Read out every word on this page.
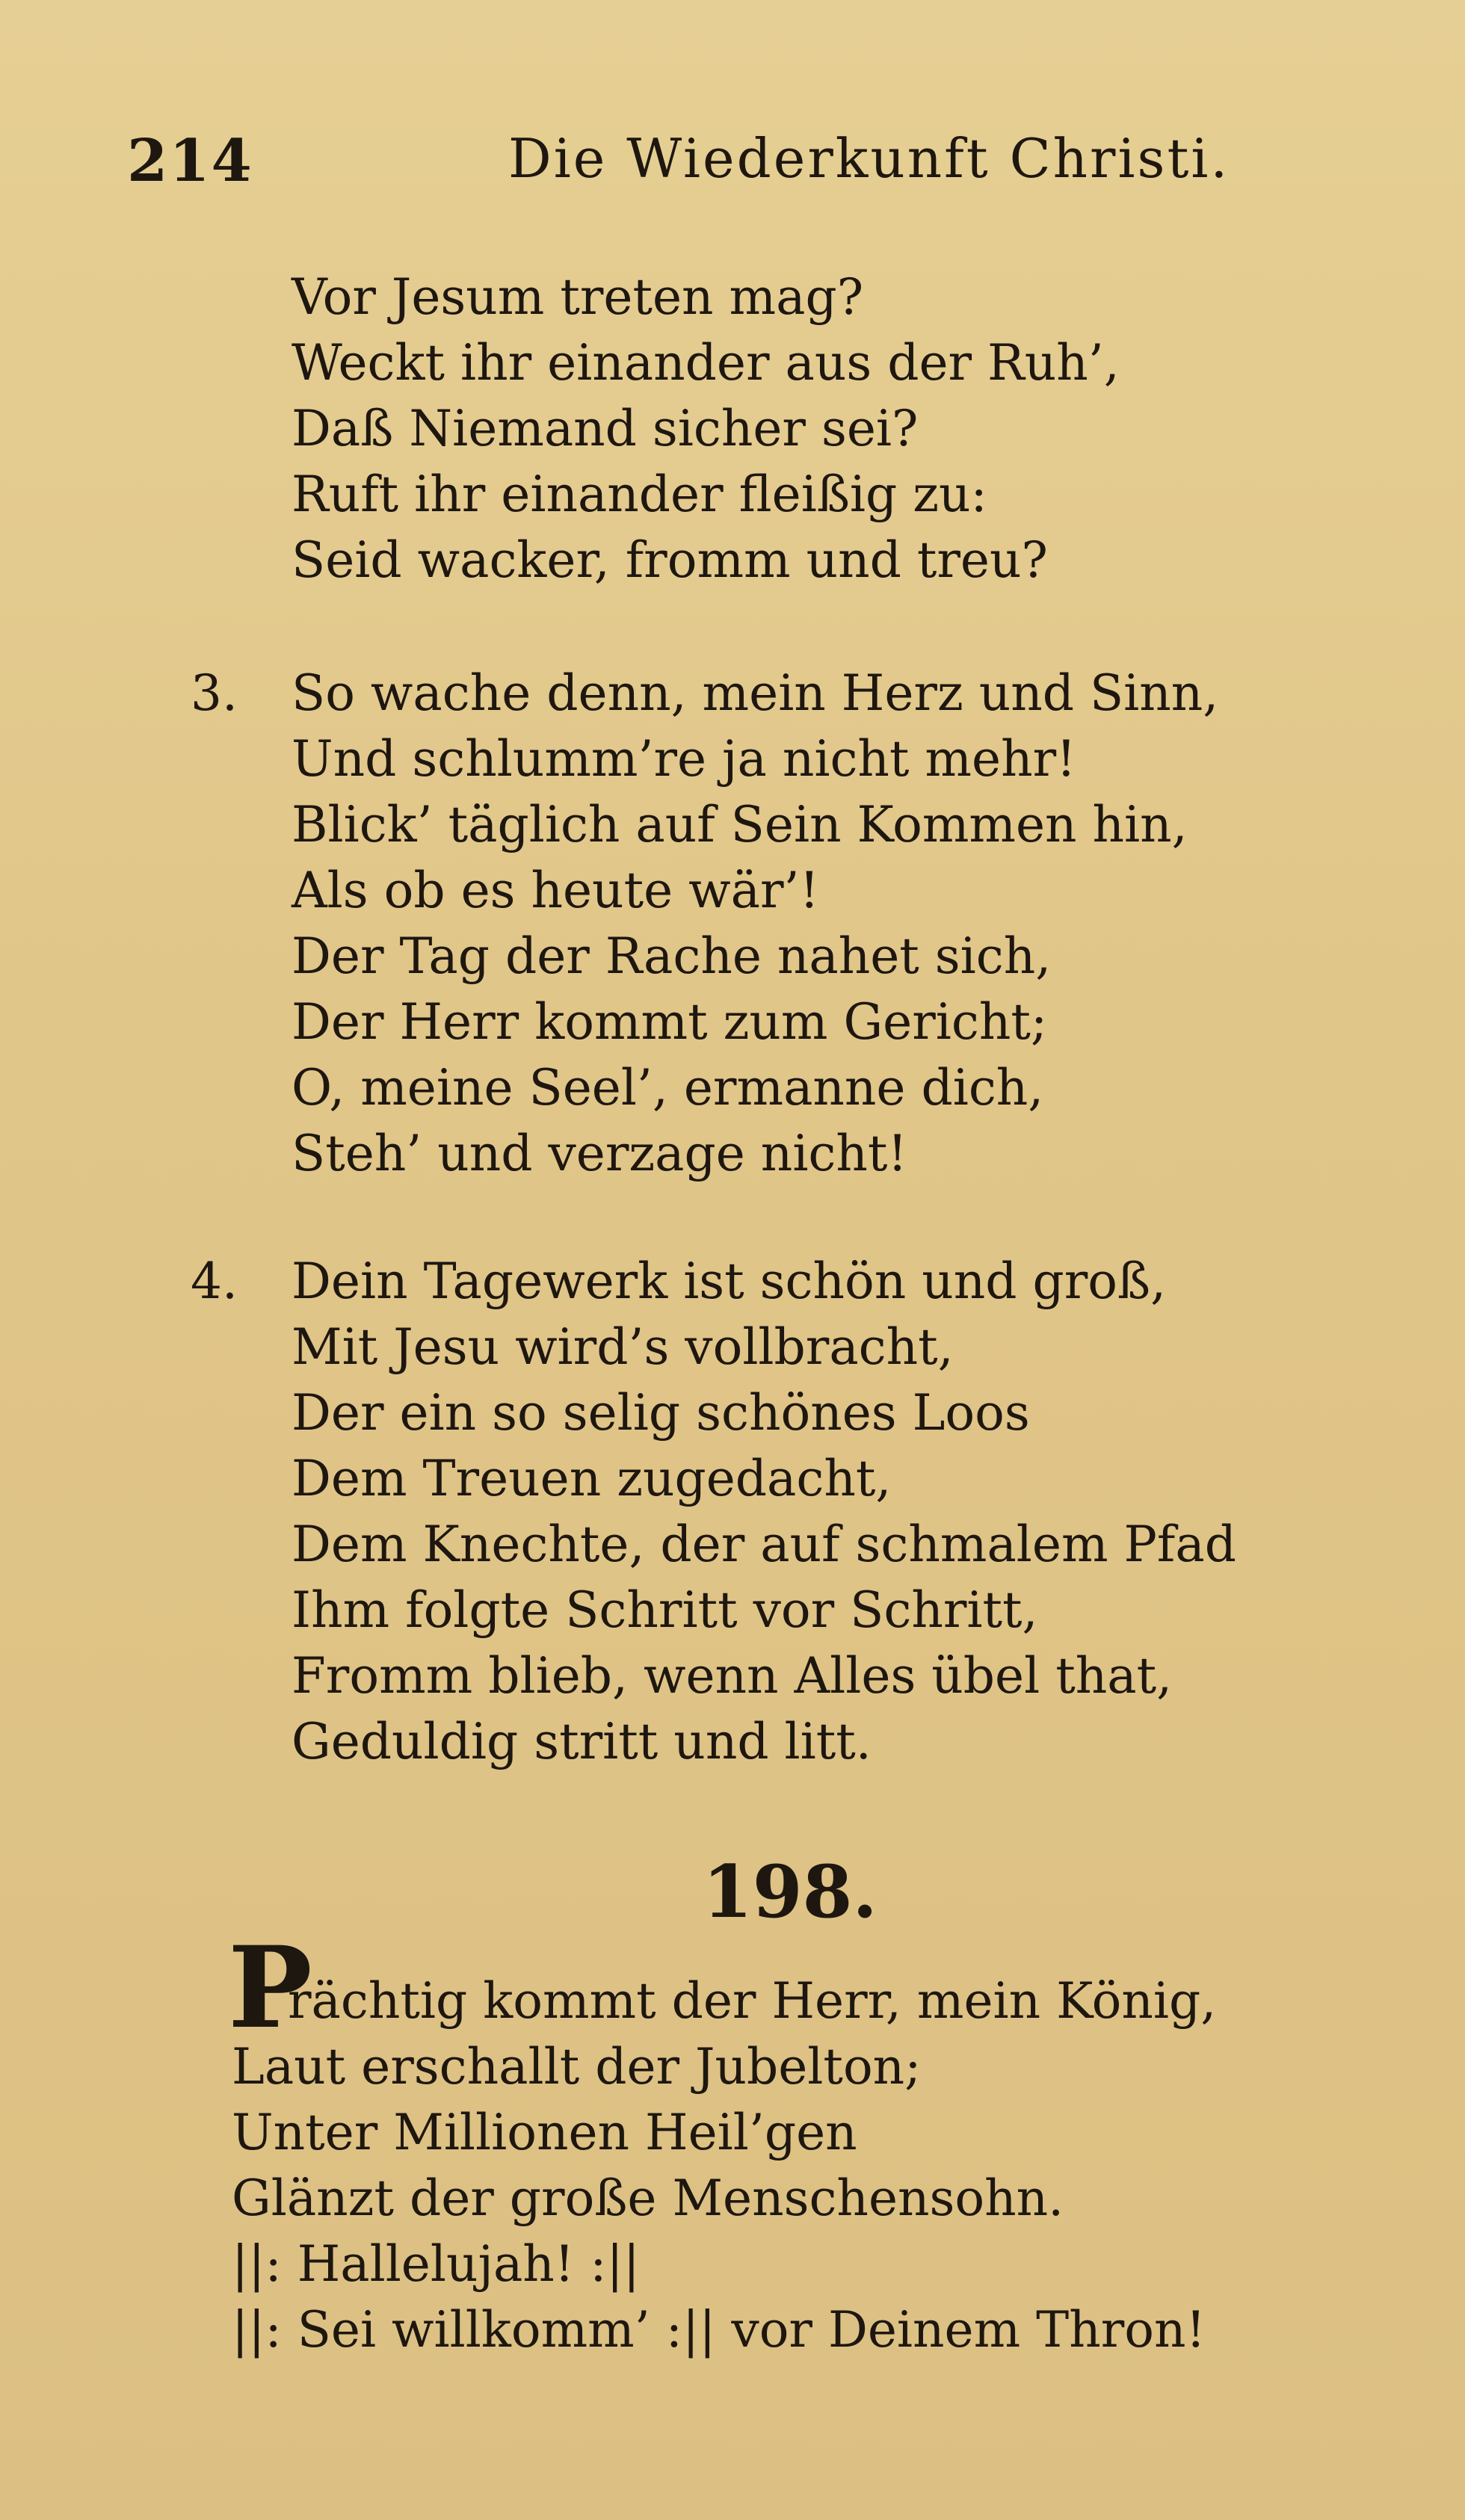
214	Die Wiederkunft Christi.
Vor Jesum treten mag?
Weckt ihr einander aus der Ruh’,
Daß Niemand sicher sei?
Ruft ihr einander fleißig zu:
Seid wacker, fromm und treu?
3. So wache denn, mein Herz und Sinn,
Und schlumm’re ja nicht mehr!
Blick’ täglich auf Sein Kommen hin,
Als ob es heute wär’!
Der Tag der Rache nahet sich,
Der Herr kommt zum Gericht;
O, meine Seel’, ermanne dich,
Steh’ und verzage nicht!
4. Dein Tagewerk ist schön und groß,
Mit Jesu wird’s vollbracht,
Der ein so selig schönes Loos
Dem Treuen zugedacht,
Dem Knechte, der auf schmalem Pfad
Ihm folgte Schritt vor Schritt,
Fromm blieb, wenn Alles übel that,
Geduldig stritt und litt.
198.
P
rächtig kommt der Herr, mein König,
Laut erschallt der Jubelton;
Unter Millionen Heil’gen
Glänzt der große Menschensohn.
||: Hallelujah! :||
||: Sei willkomm’ :|| vor Deinem Thron!
